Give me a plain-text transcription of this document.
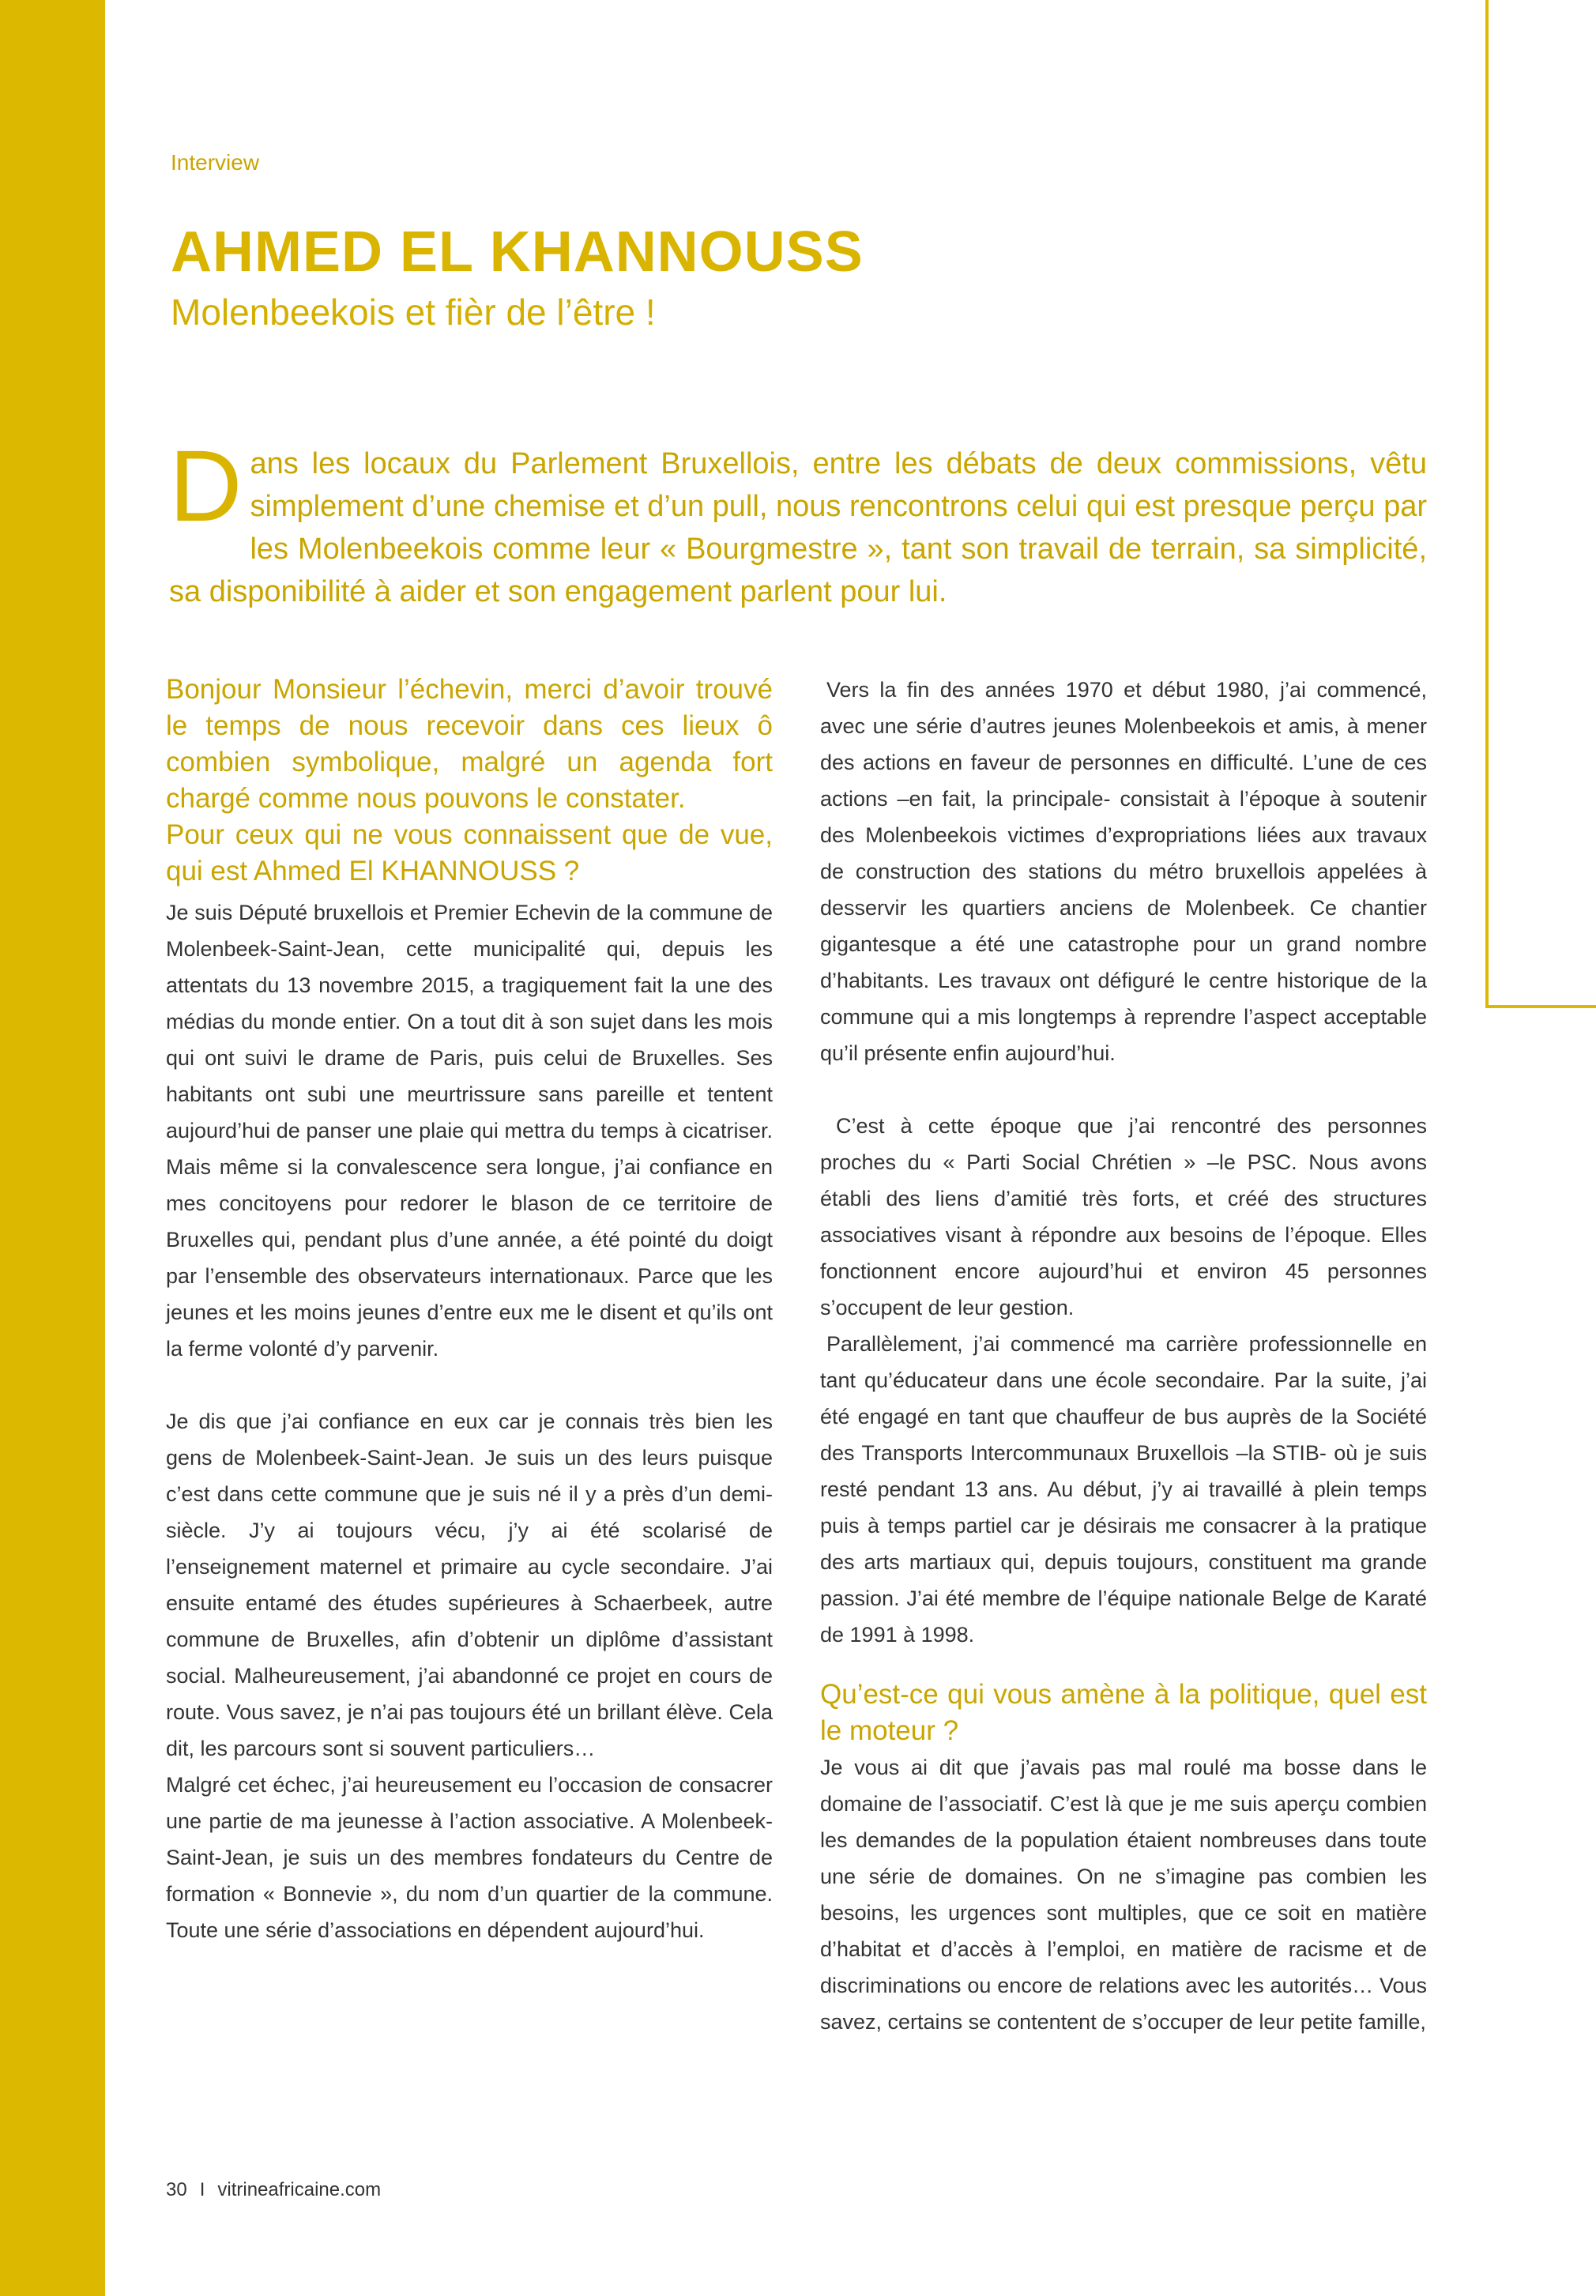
Interview
AHMED EL KHANNOUSS
Molenbeekois et fièr de l’être !

Dans les locaux du Parlement Bruxellois, entre les débats de deux commissions, vêtu simplement d’une chemise et d’un pull, nous rencontrons celui qui est presque perçu par les Molenbeekois comme leur « Bourgmestre », tant son travail de terrain, sa simplicité, sa disponibilité à aider et son engagement parlent pour lui.

Bonjour Monsieur l’échevin, merci d’avoir trouvé le temps de nous recevoir dans ces lieux ô combien symbolique, malgré un agenda fort chargé comme nous pouvons le constater.

Pour ceux qui ne vous connaissent que de vue, qui est Ahmed El KHANNOUSS ?

Je suis Député bruxellois et Premier Echevin de la commune de Molenbeek-Saint-Jean, cette municipalité qui, depuis les attentats du 13 novembre 2015, a tragiquement fait la une des médias du monde entier. On a tout dit à son sujet dans les mois qui ont suivi le drame de Paris, puis celui de Bruxelles. Ses habitants ont subi une meurtrissure sans pareille et tentent aujourd’hui de panser une plaie qui mettra du temps à cicatriser. Mais même si la convalescence sera longue, j’ai confiance en mes concitoyens pour redorer le blason de ce territoire de Bruxelles qui, pendant plus d’une année, a été pointé du doigt par l’ensemble des observateurs internationaux. Parce que les jeunes et les moins jeunes d’entre eux me le disent et qu’ils ont la ferme volonté d’y parvenir.

Je dis que j’ai confiance en eux car je connais très bien les gens de Molenbeek-Saint-Jean. Je suis un des leurs puisque c’est dans cette commune que je suis né il y a près d’un demi-siècle. J’y ai toujours vécu, j’y ai été scolarisé de l’enseignement maternel et primaire au cycle secondaire. J’ai ensuite entamé des études supérieures à Schaerbeek, autre commune de Bruxelles, afin d’obtenir un diplôme d’assistant social. Malheureusement, j’ai abandonné ce projet en cours de route. Vous savez, je n’ai pas toujours été un brillant élève. Cela dit, les parcours sont si souvent particuliers…

Malgré cet échec, j’ai heureusement eu l’occasion de consacrer une partie de ma jeunesse à l’action associative. A Molenbeek-Saint-Jean, je suis un des membres fondateurs du Centre de formation « Bonnevie », du nom d’un quartier de la commune. Toute une série d’associations en dépendent aujourd’hui.

Vers la fin des années 1970 et début 1980, j’ai commencé, avec une série d’autres jeunes Molenbeekois et amis, à mener des actions en faveur de personnes en difficulté. L’une de ces actions –en fait, la principale- consistait à l’époque à soutenir des Molenbeekois victimes d’expropriations liées aux travaux de construction des stations du métro bruxellois appelées à desservir les quartiers anciens de Molenbeek. Ce chantier gigantesque a été une catastrophe pour un grand nombre d’habitants. Les travaux ont défiguré le centre historique de la commune qui a mis longtemps à reprendre l’aspect acceptable qu’il présente enfin aujourd’hui.

C’est à cette époque que j’ai rencontré des personnes proches du « Parti Social Chrétien » –le PSC. Nous avons établi des liens d’amitié très forts, et créé des structures associatives visant à répondre aux besoins de l’époque. Elles fonctionnent encore aujourd’hui et environ 45 personnes s’occupent de leur gestion.

Parallèlement, j’ai commencé ma carrière professionnelle en tant qu’éducateur dans une école secondaire. Par la suite, j’ai été engagé en tant que chauffeur de bus auprès de la Société des Transports Intercommunaux Bruxellois –la STIB- où je suis resté pendant 13 ans. Au début, j’y ai travaillé à plein temps puis à temps partiel car je désirais me consacrer à la pratique des arts martiaux qui, depuis toujours, constituent ma grande passion. J’ai été membre de l’équipe nationale Belge de Karaté de 1991 à 1998.

Qu’est-ce qui vous amène à la politique, quel est le moteur ?

Je vous ai dit que j’avais pas mal roulé ma bosse dans le domaine de l’associatif. C’est là que je me suis aperçu combien les demandes de la population étaient nombreuses dans toute une série de domaines. On ne s’imagine pas combien les besoins, les urgences sont multiples, que ce soit en matière d’habitat et d’accès à l’emploi, en matière de racisme et de discriminations ou encore de relations avec les autorités… Vous savez, certains se contentent de s’occuper de leur petite famille,

30 I vitrineafricaine.com
